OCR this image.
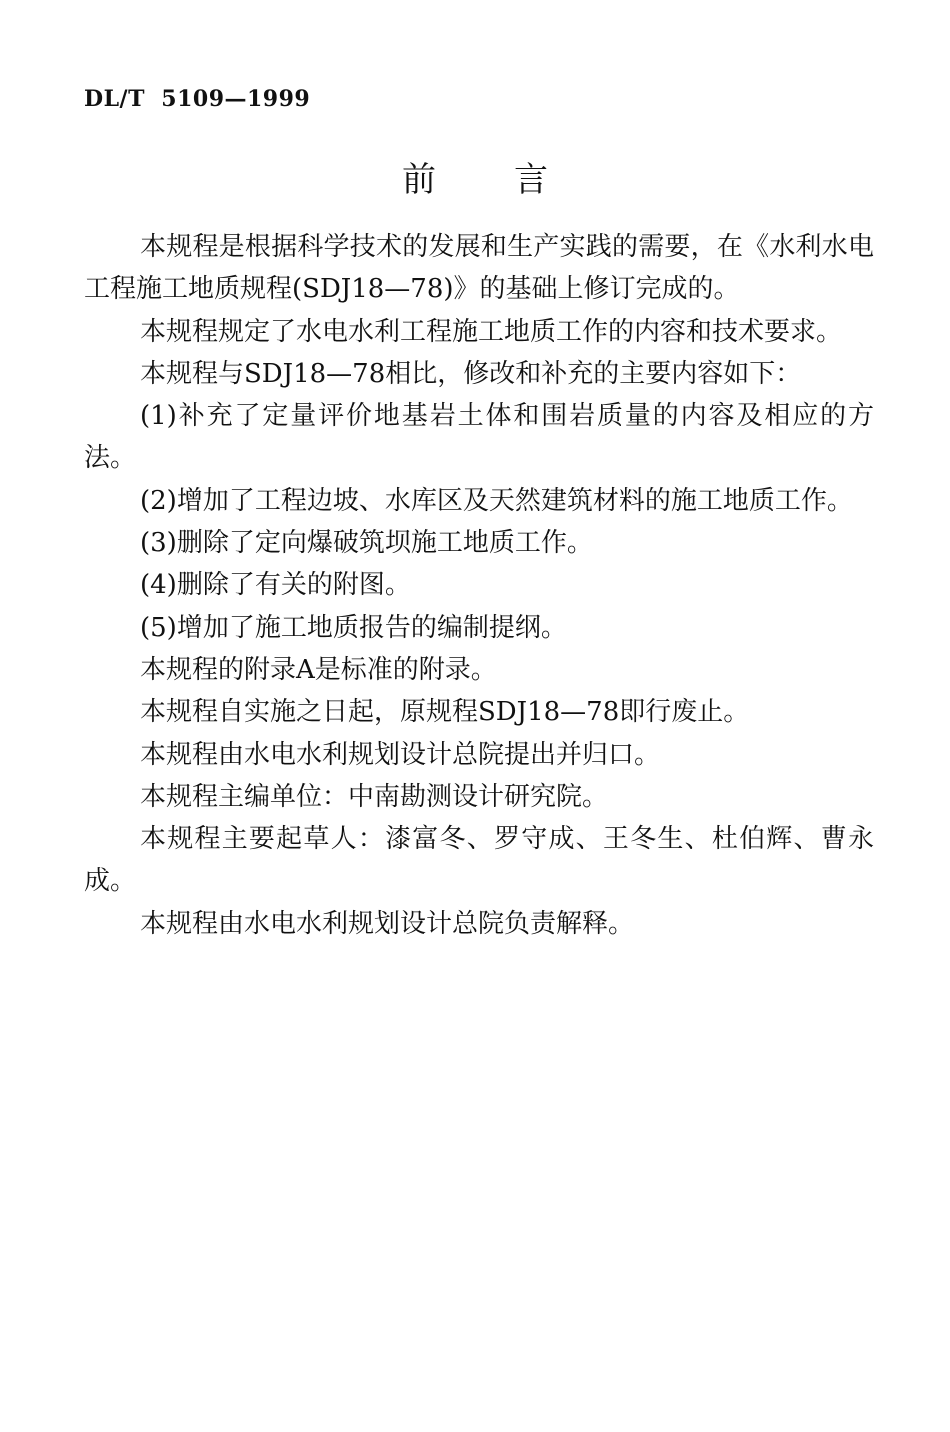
DL/T  5109—1999
前言

本规程是根据科学技术的发展和生产实践的需要，在《水利水电工程施工地质规程(SDJ18—78)》的基础上修订完成的。

本规程规定了水电水利工程施工地质工作的内容和技术要求。

本规程与SDJ18—78相比，修改和补充的主要内容如下：

(1)补充了定量评价地基岩土体和围岩质量的内容及相应的方法。

(2)增加了工程边坡、水库区及天然建筑材料的施工地质工作。

(3)删除了定向爆破筑坝施工地质工作。

(4)删除了有关的附图。

(5)增加了施工地质报告的编制提纲。

本规程的附录A是标准的附录。

本规程自实施之日起，原规程SDJ18—78即行废止。

本规程由水电水利规划设计总院提出并归口。

本规程主编单位：中南勘测设计研究院。

本规程主要起草人：漆富冬、罗守成、王冬生、杜伯辉、曹永成。

本规程由水电水利规划设计总院负责解释。
